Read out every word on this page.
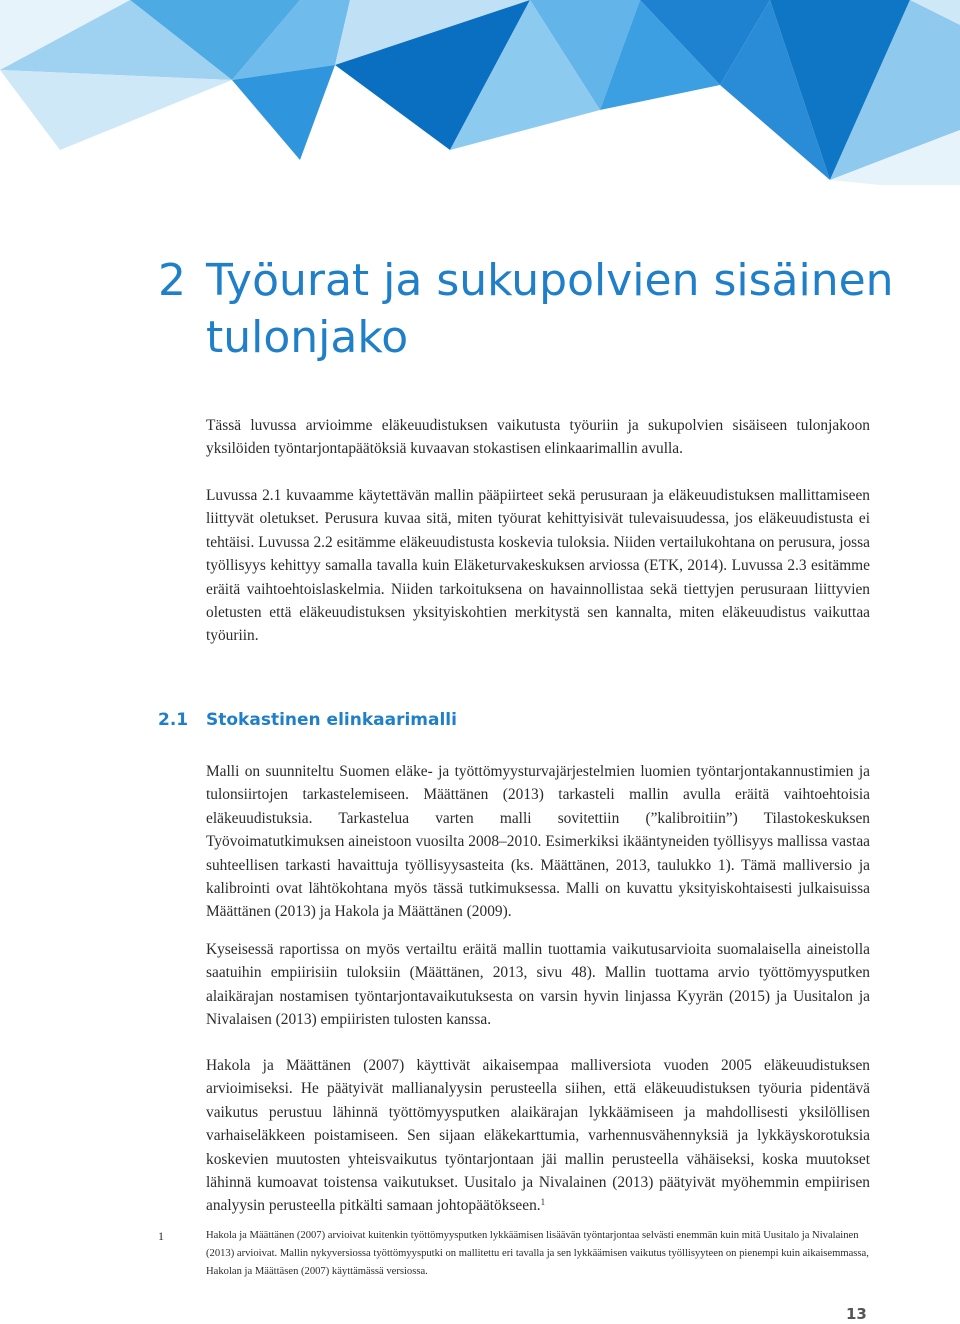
2 Työurat ja sukupolvien sisäinen tulonjako

Tässä luvussa arvioimme eläkeuudistuksen vaikutusta työuriin ja sukupolvien sisäiseen tulonjakoon yksilöiden työntarjontapäätöksiä kuvaavan stokastisen elinkaarimallin avulla.

Luvussa 2.1 kuvaamme käytettävän mallin pääpiirteet sekä perusuraan ja eläkeuudistuksen mallittamiseen liittyvät oletukset. Perusura kuvaa sitä, miten työurat kehittyisivät tulevaisuudessa, jos eläkeuudistusta ei tehtäisi. Luvussa 2.2 esitämme eläkeuudistusta koskevia tuloksia. Niiden vertailukohtana on perusura, jossa työllisyys kehittyy samalla tavalla kuin Eläketurvakeskuksen arviossa (ETK, 2014). Luvussa 2.3 esitämme eräitä vaihtoehtoislaskelmia. Niiden tarkoituksena on havainnollistaa sekä tiettyjen perusuraan liittyvien oletusten että eläkeuudistuksen yksityiskohtien merkitystä sen kannalta, miten eläkeuudistus vaikuttaa työuriin.

2.1 Stokastinen elinkaarimalli

Malli on suunniteltu Suomen eläke- ja työttömyysturvajärjestelmien luomien työntarjontakannustimien ja tulonsiirtojen tarkastelemiseen. Määttänen (2013) tarkasteli mallin avulla eräitä vaihtoehtoisia eläkeuudistuksia. Tarkastelua varten malli sovitettiin (”kalibroitiin”) Tilastokeskuksen Työvoimatutkimuksen aineistoon vuosilta 2008–2010. Esimerkiksi ikääntyneiden työllisyys mallissa vastaa suhteellisen tarkasti havaittuja työllisyysasteita (ks. Määttänen, 2013, taulukko 1). Tämä malliversio ja kalibrointi ovat lähtökohtana myös tässä tutkimuksessa. Malli on kuvattu yksityiskohtaisesti julkaisuissa Määttänen (2013) ja Hakola ja Määttänen (2009).

Kyseisessä raportissa on myös vertailtu eräitä mallin tuottamia vaikutusarvioita suomalaisella aineistolla saatuihin empiirisiin tuloksiin (Määttänen, 2013, sivu 48). Mallin tuottama arvio työttömyysputken alaikärajan nostamisen työntarjontavaikutuksesta on varsin hyvin linjassa Kyyrän (2015) ja Uusitalon ja Nivalaisen (2013) empiiristen tulosten kanssa.

Hakola ja Määttänen (2007) käyttivät aikaisempaa malliversiota vuoden 2005 eläkeuudistuksen arvioimiseksi. He päätyivät mallianalyysin perusteella siihen, että eläkeuudistuksen työuria pidentävä vaikutus perustuu lähinnä työttömyysputken alaikärajan lykkäämiseen ja mahdollisesti yksilöllisen varhaiseläkkeen poistamiseen. Sen sijaan eläkekarttumia, varhennusvähennyksiä ja lykkäyskorotuksia koskevien muutosten yhteisvaikutus työntarjontaan jäi mallin perusteella vähäiseksi, koska muutokset lähinnä kumoavat toistensa vaikutukset. Uusitalo ja Nivalainen (2013) päätyivät myöhemmin empiirisen analyysin perusteella pitkälti samaan johtopäätökseen.$^1$

1	Hakola ja Määttänen (2007) arvioivat kuitenkin työttömyysputken lykkäämisen lisäävän työntarjontaa selvästi enemmän kuin mitä Uusitalo ja Nivalainen (2013) arvioivat. Mallin nykyversiossa työttömyysputki on mallitettu eri tavalla ja sen lykkäämisen vaikutus työllisyyteen on pienempi kuin aikaisemmassa, Hakolan ja Määttäsen (2007) käyttämässä versiossa.

13
